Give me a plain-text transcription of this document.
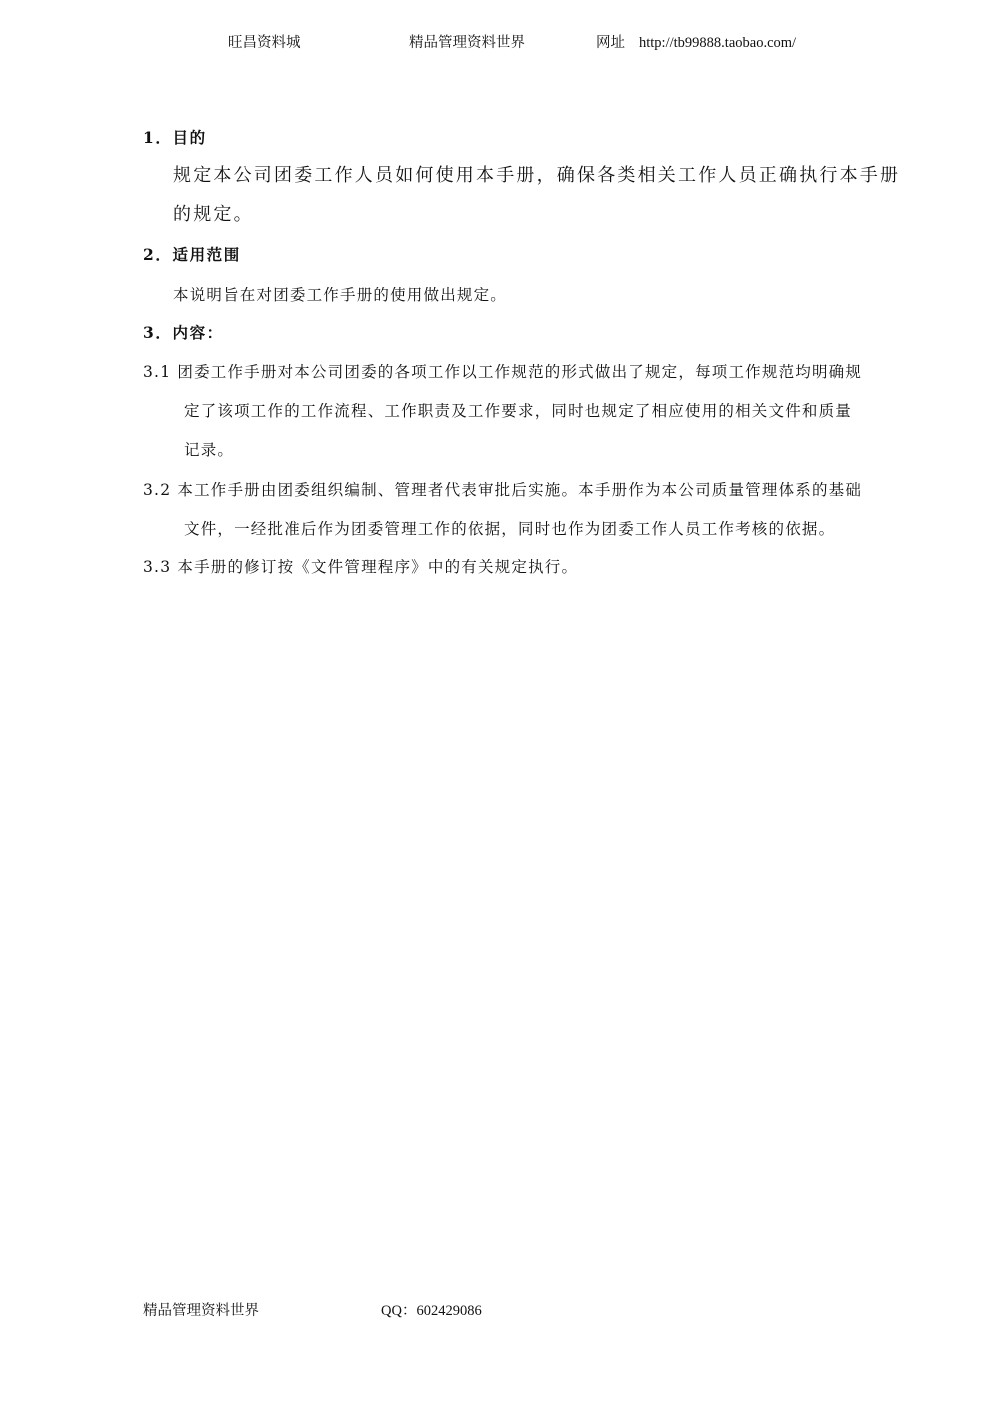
旺昌资料城	精品管理资料世界	网址 http://tb99888.taobao.com/
1．目的
规定本公司团委工作人员如何使用本手册，确保各类相关工作人员正确执行本手册
的规定。
2．适用范围
本说明旨在对团委工作手册的使用做出规定。
3．内容：
3.1 团委工作手册对本公司团委的各项工作以工作规范的形式做出了规定，每项工作规范均明确规
定了该项工作的工作流程、工作职责及工作要求，同时也规定了相应使用的相关文件和质量
记录。
3.2 本工作手册由团委组织编制、管理者代表审批后实施。本手册作为本公司质量管理体系的基础
文件，一经批准后作为团委管理工作的依据，同时也作为团委工作人员工作考核的依据。
3.3 本手册的修订按《文件管理程序》中的有关规定执行。
精品管理资料世界	QQ：602429086
